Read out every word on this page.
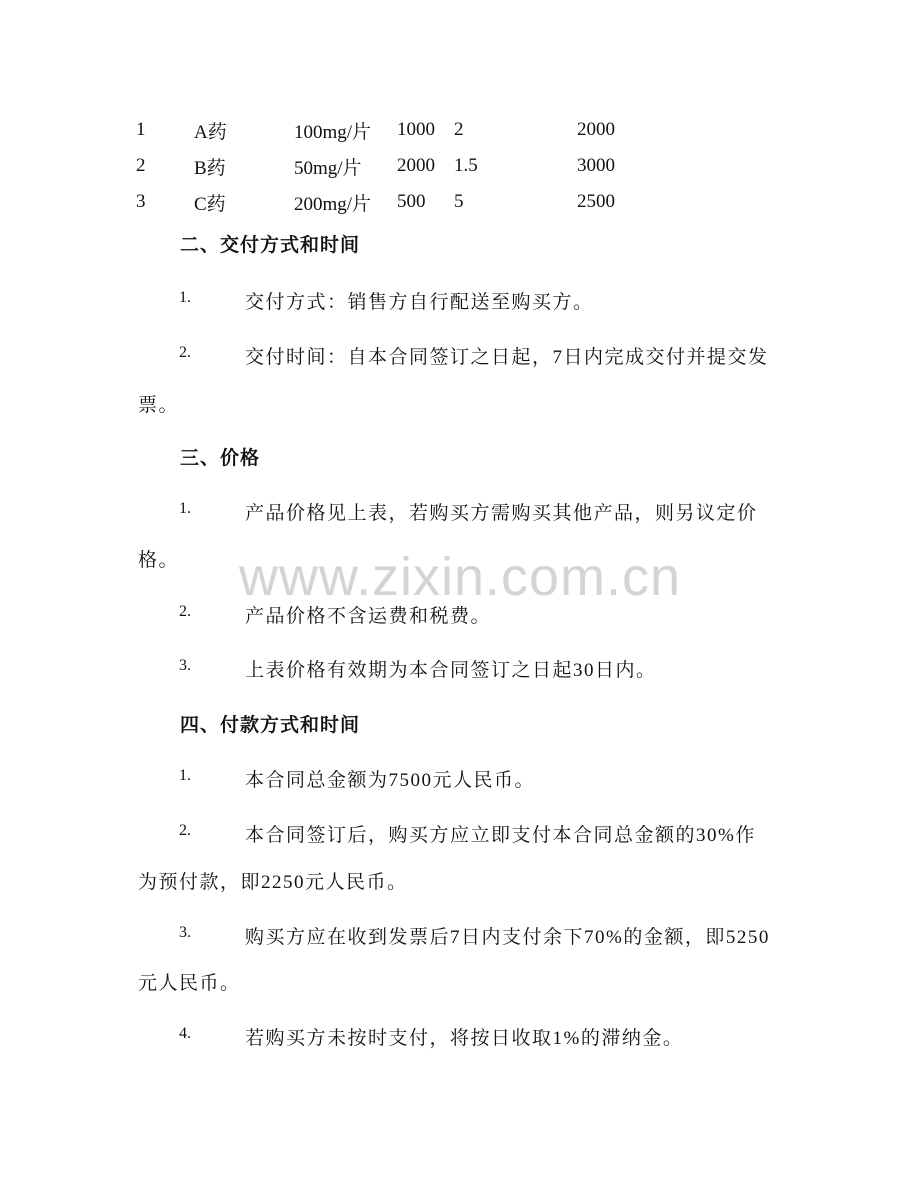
www.zixin.com.cn
1	A药	100mg/片	1000	2	2000
2	B药	50mg/片	2000	1.5	3000
3	C药	200mg/片	500	5	2500
二、交付方式和时间
1.	交付方式：销售方自行配送至购买方。
2.	交付时间：自本合同签订之日起，7日内完成交付并提交发
票。
三、价格
1.	产品价格见上表，若购买方需购买其他产品，则另议定价
格。
2.	产品价格不含运费和税费。
3.	上表价格有效期为本合同签订之日起30日内。
四、付款方式和时间
1.	本合同总金额为7500元人民币。
2.	本合同签订后，购买方应立即支付本合同总金额的30%作
为预付款，即2250元人民币。
3.	购买方应在收到发票后7日内支付余下70%的金额，即5250
元人民币。
4.	若购买方未按时支付，将按日收取1%的滞纳金。
